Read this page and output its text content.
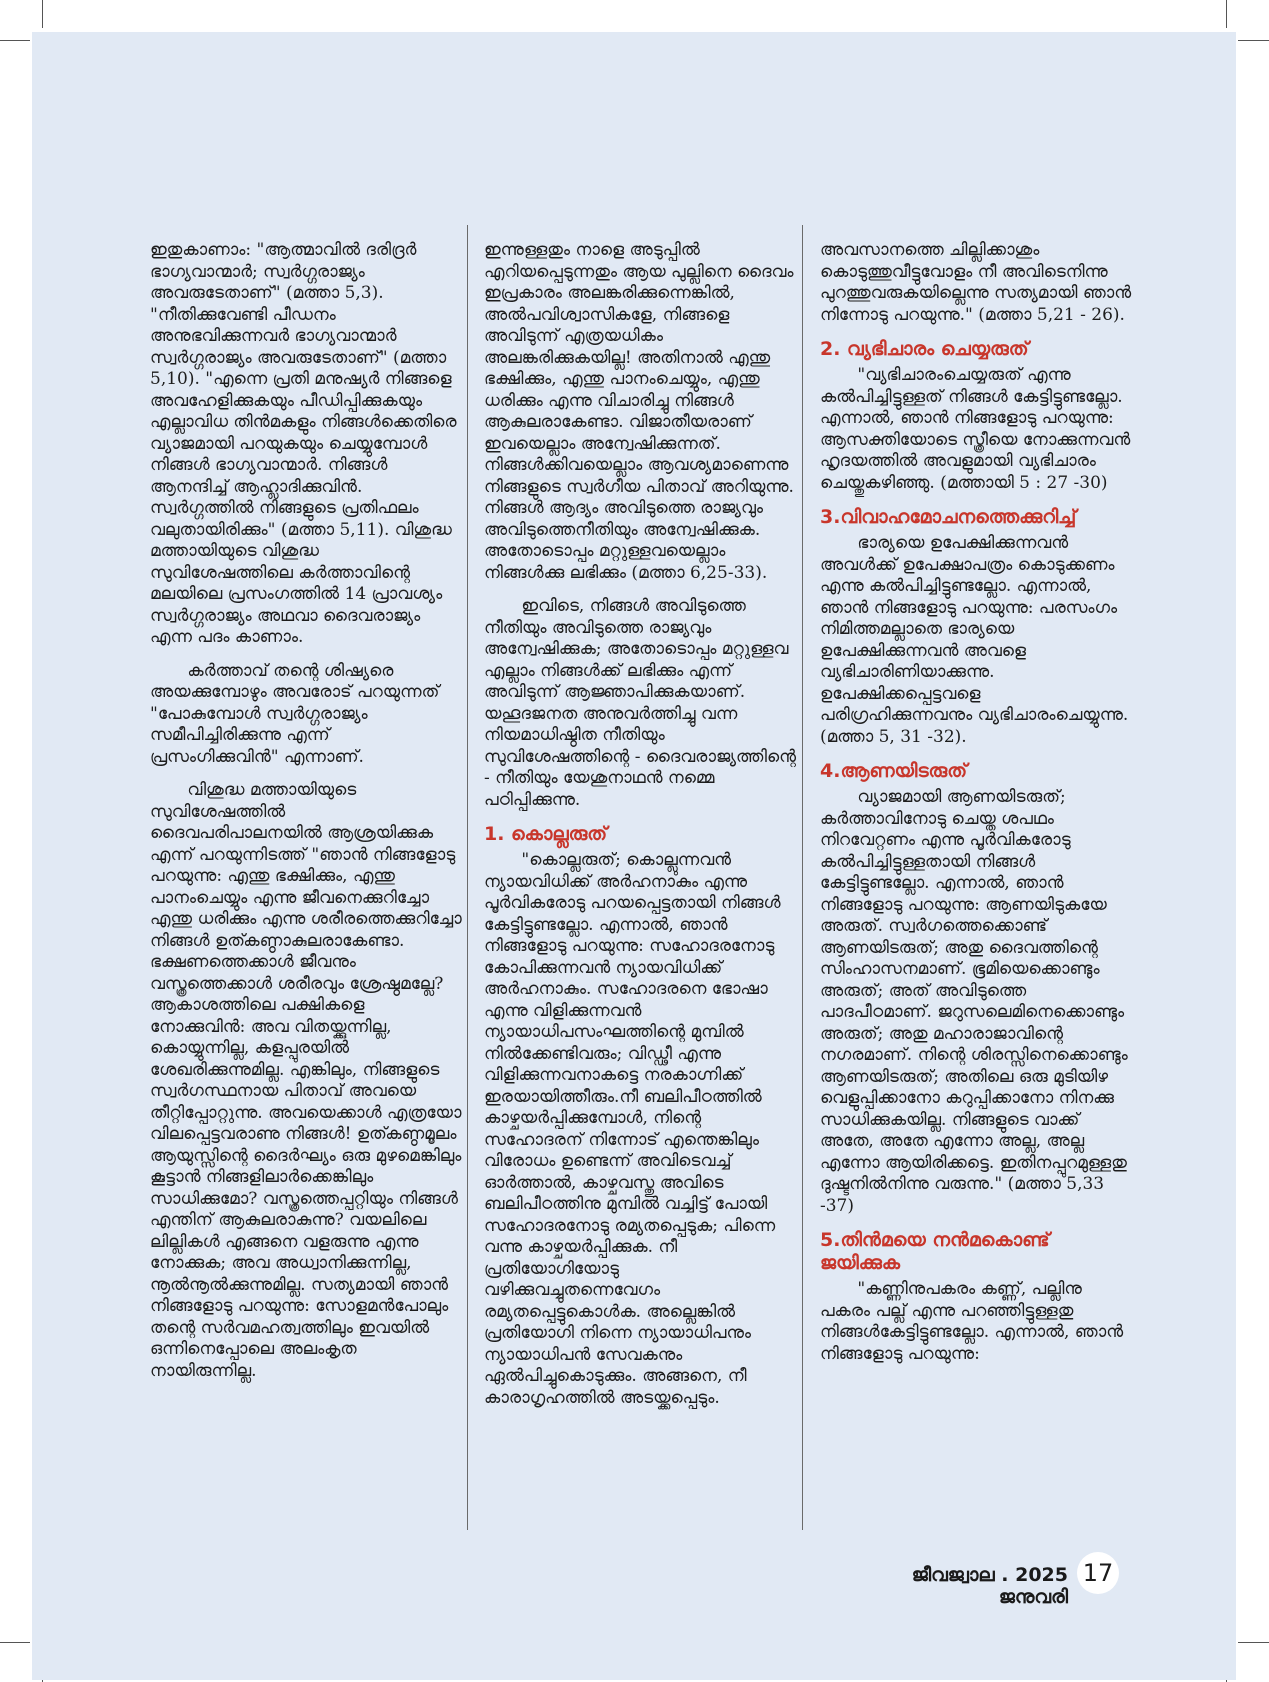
ഇതുകാണാം: "ആത്മാവിൽ ദരിദ്രർ ഭാഗ്യവാന്മാർ; സ്വർഗ്ഗരാജ്യം അവരുടേതാണ്" (മത്താ 5,3). "നീതിക്കുവേണ്ടി പീഡനം അനുഭവിക്കുന്നവർ ഭാഗ്യവാന്മാർ സ്വർഗ്ഗരാജ്യം അവരുടേതാണ്" (മത്താ 5,10). "എന്നെ പ്രതി മനുഷ്യർ നിങ്ങളെ അവഹേളിക്കുകയും പീഡിപ്പിക്കുകയും എല്ലാവിധ തിൻമകളും നിങ്ങൾക്കെതിരെ വ്യാജമായി പറയുകയും ചെയ്യുമ്പോൾ നിങ്ങൾ ഭാഗ്യവാന്മാർ. നിങ്ങൾ ആനന്ദിച്ച് ആഹ്ലാദിക്കുവിൻ. സ്വർഗ്ഗത്തിൽ നിങ്ങളുടെ പ്രതിഫലം വലുതായിരിക്കും" (മത്താ 5,11). വിശുദ്ധ മത്തായിയുടെ വിശുദ്ധ സുവിശേഷത്തിലെ കർത്താവിന്റെ മലയിലെ പ്രസംഗത്തിൽ 14 പ്രാവശ്യം സ്വർഗ്ഗരാജ്യം അഥവാ ദൈവരാജ്യം എന്ന പദം കാണാം.

കർത്താവ് തന്റെ ശിഷ്യരെ അയക്കുമ്പോഴും അവരോട് പറയുന്നത് "പോകുമ്പോൾ സ്വർഗ്ഗരാജ്യം സമീപിച്ചിരിക്കുന്നു എന്ന് പ്രസംഗിക്കുവിൻ" എന്നാണ്.

വിശുദ്ധ മത്തായിയുടെ സുവിശേഷത്തിൽ ദൈവപരിപാലനയിൽ ആശ്രയിക്കുക എന്ന് പറയുന്നിടത്ത് "ഞാൻ നിങ്ങളോടു പറയുന്നു: എന്തു ഭക്ഷിക്കും, എന്തു പാനംചെയ്യും എന്നു ജീവനെക്കുറിച്ചോ എന്തു ധരിക്കും എന്നു ശരീരത്തെക്കുറിച്ചോ നിങ്ങൾ ഉത്കണ്ഠാകുലരാകേണ്ടാ. ഭക്ഷണത്തെക്കാൾ ജീവനും വസ്ത്രത്തെക്കാൾ ശരീരവും ശ്രേഷ്ഠമല്ലേ? ആകാശത്തിലെ പക്ഷികളെ നോക്കുവിൻ: അവ വിതയ്ക്കുന്നില്ല, കൊയ്യുന്നില്ല, കളപ്പുരയിൽ ശേഖരിക്കുന്നുമില്ല. എങ്കിലും, നിങ്ങളുടെ സ്വർഗസ്ഥനായ പിതാവ് അവയെ തീറ്റിപ്പോറ്റുന്നു. അവയെക്കാൾ എത്രയോ വിലപ്പെട്ടവരാണു നിങ്ങൾ! ഉത്കണ്ഠമൂലം ആയുസ്സിന്റെ ദൈർഘ്യം ഒരു മുഴമെങ്കിലും കൂട്ടാൻ നിങ്ങളിലാർക്കെങ്കിലും സാധിക്കുമോ? വസ്ത്രത്തെപ്പറ്റിയും നിങ്ങൾ എന്തിന് ആകുലരാകുന്നു? വയലിലെ ലില്ലികൾ എങ്ങനെ വളരുന്നു എന്നു നോക്കുക; അവ അധ്വാനിക്കുന്നില്ല, നൂൽനൂൽക്കുന്നുമില്ല. സത്യമായി ഞാൻ നിങ്ങളോടു പറയുന്നു: സോളമൻപോലും തന്റെ സർവമഹത്വത്തിലും ഇവയിൽ ഒന്നിനെപ്പോലെ അലംകൃത നായിരുന്നില്ല.

ഇന്നുള്ളതും നാളെ അടുപ്പിൽ എറിയപ്പെടുന്നതും ആയ പുല്ലിനെ ദൈവം ഇപ്രകാരം അലങ്കരിക്കുന്നെങ്കിൽ, അൽപവിശ്വാസികളേ, നിങ്ങളെ അവിടുന്ന് എത്രയധികം അലങ്കരിക്കുകയില്ല! അതിനാൽ എന്തു ഭക്ഷിക്കും, എന്തു പാനംചെയ്യും, എന്തു ധരിക്കും എന്നു വിചാരിച്ചു നിങ്ങൾ ആകുലരാകേണ്ടാ. വിജാതീയരാണ് ഇവയെല്ലാം അന്വേഷിക്കുന്നത്. നിങ്ങൾക്കിവയെല്ലാം ആവശ്യമാണെന്നു നിങ്ങളുടെ സ്വർഗീയ പിതാവ് അറിയുന്നു. നിങ്ങൾ ആദ്യം അവിടുത്തെ രാജ്യവും അവിടുത്തെനീതിയും അന്വേഷിക്കുക. അതോടൊപ്പം മറ്റുള്ളവയെല്ലാം നിങ്ങൾക്കു ലഭിക്കും (മത്താ 6,25-33).

ഇവിടെ, നിങ്ങൾ അവിടുത്തെ നീതിയും അവിടുത്തെ രാജ്യവും അന്വേഷിക്കുക; അതോടൊപ്പം മറ്റുള്ളവ എല്ലാം നിങ്ങൾക്ക് ലഭിക്കും എന്ന് അവിടുന്ന് ആജ്ഞാപിക്കുകയാണ്. യഹൂദജനത അനുവർത്തിച്ചു വന്ന നിയമാധിഷ്ഠിത നീതിയും സുവിശേഷത്തിന്റെ - ദൈവരാജ്യത്തിന്റെ - നീതിയും യേശുനാഥൻ നമ്മെ പഠിപ്പിക്കുന്നു.

1. കൊല്ലരുത്

"കൊല്ലരുത്; കൊല്ലുന്നവൻ ന്യായവിധിക്ക് അർഹനാകും എന്നു പൂർവികരോടു പറയപ്പെട്ടതായി നിങ്ങൾ കേട്ടിട്ടുണ്ടല്ലോ. എന്നാൽ, ഞാൻ നിങ്ങളോടു പറയുന്നു: സഹോദരനോടു കോപിക്കുന്നവൻ ന്യായവിധിക്ക് അർഹനാകും. സഹോദരനെ ഭോഷാ എന്നു വിളിക്കുന്നവൻ ന്യായാധിപസംഘത്തിന്റെ മുമ്പിൽ നിൽക്കേണ്ടിവരും; വിഡ്ഢീ എന്നു വിളിക്കുന്നവനാകട്ടെ നരകാഗ്നിക്ക് ഇരയായിത്തീരും.നീ ബലിപീഠത്തിൽ കാഴ്ചയർപ്പിക്കുമ്പോൾ, നിന്റെ സഹോദരന് നിന്നോട് എന്തെങ്കിലും വിരോധം ഉണ്ടെന്ന് അവിടെവച്ച് ഓർത്താൽ, കാഴ്ചവസ്തു അവിടെ ബലിപീഠത്തിനു മുമ്പിൽ വച്ചിട്ട് പോയി സഹോദരനോടു രമ്യതപ്പെടുക; പിന്നെ വന്നു കാഴ്ചയർപ്പിക്കുക. നീ പ്രതിയോഗിയോടു വഴിക്കുവച്ചുതന്നെവേഗം രമ്യതപ്പെട്ടുകൊൾക. അല്ലെങ്കിൽ പ്രതിയോഗി നിന്നെ ന്യായാധിപനും ന്യായാധിപൻ സേവകനും ഏൽപിച്ചുകൊടുക്കും. അങ്ങനെ, നീ കാരാഗൃഹത്തിൽ അടയ്ക്കപ്പെടും.

അവസാനത്തെ ചില്ലിക്കാശും കൊടുത്തുവീട്ടുവോളം നീ അവിടെനിന്നു പുറത്തുവരുകയില്ലെന്നു സത്യമായി ഞാൻ നിന്നോടു പറയുന്നു." (മത്താ 5,21 - 26).

2. വ്യഭിചാരം ചെയ്യരുത്

"വ്യഭിചാരംചെയ്യരുത് എന്നു കൽപിച്ചിട്ടുള്ളത് നിങ്ങൾ കേട്ടിട്ടുണ്ടല്ലോ. എന്നാൽ, ഞാൻ നിങ്ങളോടു പറയുന്നു: ആസക്തിയോടെ സ്ത്രീയെ നോക്കുന്നവൻ ഹൃദയത്തിൽ അവളുമായി വ്യഭിചാരം ചെയ്തുകഴിഞ്ഞു. (മത്തായി 5 : 27 -30)

3.വിവാഹമോചനത്തെക്കുറിച്ച്

ഭാര്യയെ ഉപേക്ഷിക്കുന്നവൻ അവൾക്ക് ഉപേക്ഷാപത്രം കൊടുക്കണം എന്നു കൽപിച്ചിട്ടുണ്ടല്ലോ. എന്നാൽ, ഞാൻ നിങ്ങളോടു പറയുന്നു: പരസംഗം നിമിത്തമല്ലാതെ ഭാര്യയെ ഉപേക്ഷിക്കുന്നവൻ അവളെ വ്യഭിചാരിണിയാക്കുന്നു. ഉപേക്ഷിക്കപ്പെട്ടവളെ പരിഗ്രഹിക്കുന്നവനും വ്യഭിചാരംചെയ്യുന്നു. (മത്താ 5, 31 -32).

4.ആണയിടരുത്

വ്യാജമായി ആണയിടരുത്; കർത്താവിനോടു ചെയ്ത ശപഥം നിറവേറ്റണം എന്നു പൂർവികരോടു കൽപിച്ചിട്ടുള്ളതായി നിങ്ങൾ കേട്ടിട്ടുണ്ടല്ലോ. എന്നാൽ, ഞാൻ നിങ്ങളോടു പറയുന്നു: ആണയിടുകയേ അരുത്. സ്വർഗത്തെക്കൊണ്ട് ആണയിടരുത്; അതു ദൈവത്തിന്റെ സിംഹാസനമാണ്. ഭൂമിയെക്കൊണ്ടും അരുത്; അത് അവിടുത്തെ പാദപീഠമാണ്. ജറുസലെമിനെക്കൊണ്ടും അരുത്; അതു മഹാരാജാവിന്റെ നഗരമാണ്. നിന്റെ ശിരസ്സിനെക്കൊണ്ടും ആണയിടരുത്; അതിലെ ഒരു മുടിയിഴ വെളുപ്പിക്കാനോ കറുപ്പിക്കാനോ നിനക്കു സാധിക്കുകയില്ല. നിങ്ങളുടെ വാക്ക് അതേ, അതേ എന്നോ അല്ല, അല്ല എന്നോ ആയിരിക്കട്ടെ. ഇതിനപ്പുറമുള്ളതു ദുഷ്ടനിൽനിന്നു വരുന്നു." (മത്താ 5,33 -37)

5.തിൻമയെ നൻമകൊണ്ട് ജയിക്കുക

"കണ്ണിനുപകരം കണ്ണ്, പല്ലിനു പകരം പല്ല് എന്നു പറഞ്ഞിട്ടുള്ളതു നിങ്ങൾകേട്ടിട്ടുണ്ടല്ലോ. എന്നാൽ, ഞാൻ നിങ്ങളോടു പറയുന്നു:

ജീവജ്വാല . 2025 ജനുവരി
17
